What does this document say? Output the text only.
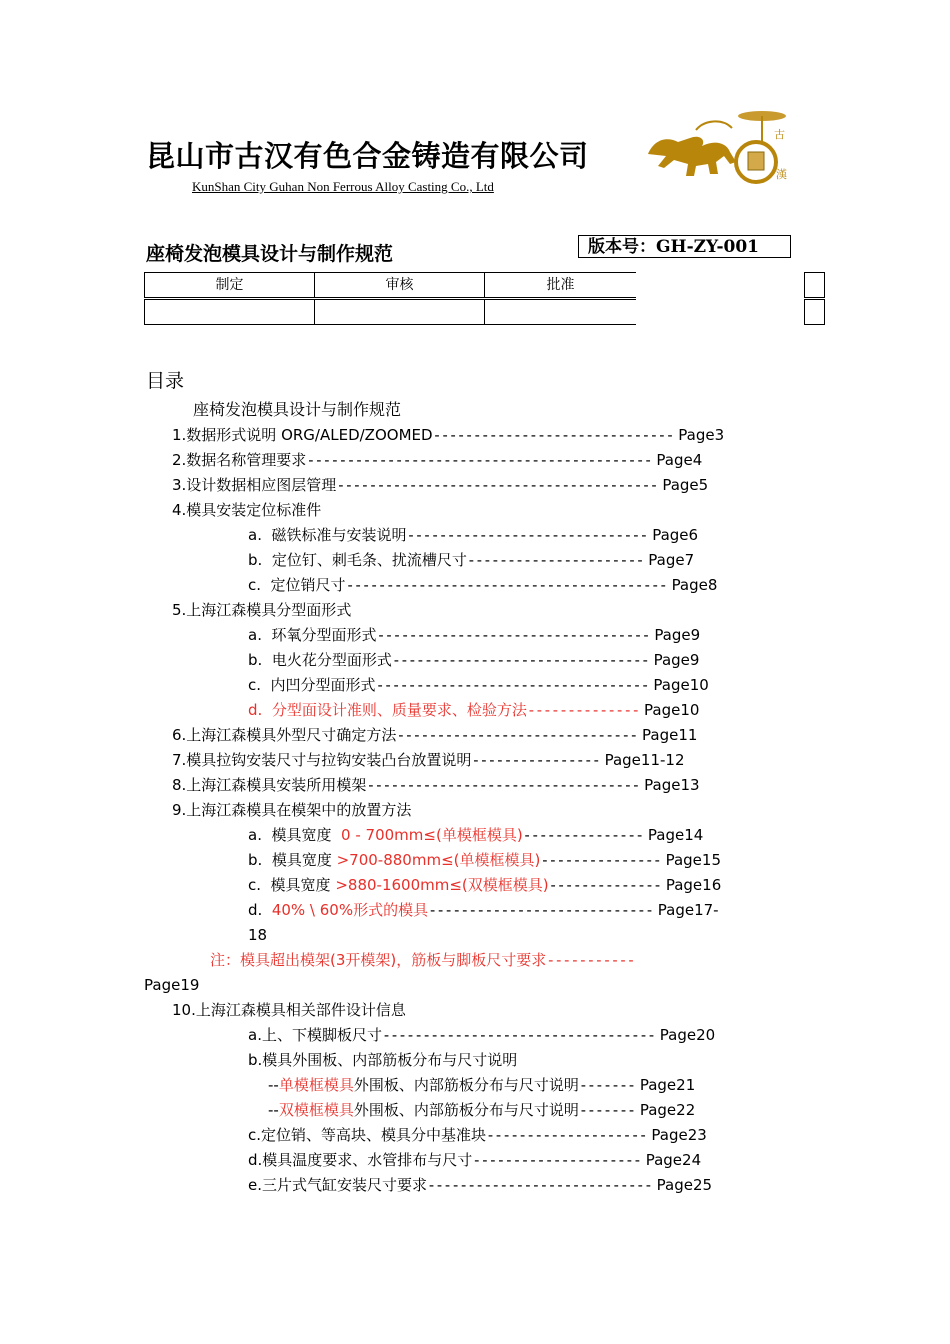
昆山市古汉有色合金铸造有限公司
KunShan City Guhan Non Ferrous Alloy Casting Co., Ltd
古
漢
座椅发泡模具设计与制作规范	版本号：GH-ZY-001
制定	审核	批准
目录
座椅发泡模具设计与制作规范
1.数据形式说明 ORG/ALED/ZOOMED------------------------------ Page3
2.数据名称管理要求------------------------------------------- Page4
3.设计数据相应图层管理---------------------------------------- Page5
4.模具安装定位标准件
a.  磁铁标准与安装说明------------------------------ Page6
b.  定位钉、刺毛条、扰流槽尺寸---------------------- Page7
c.  定位销尺寸---------------------------------------- Page8
5.上海江森模具分型面形式
a.  环氧分型面形式---------------------------------- Page9
b.  电火花分型面形式-------------------------------- Page9
c.  内凹分型面形式---------------------------------- Page10
d.  分型面设计准则、质量要求、检验方法-------------- Page10
6.上海江森模具外型尺寸确定方法------------------------------ Page11
7.模具拉钩安装尺寸与拉钩安装凸台放置说明---------------- Page11-12
8.上海江森模具安装所用模架---------------------------------- Page13
9.上海江森模具在模架中的放置方法
a.  模具宽度  0 - 700mm≤(单模框模具)--------------- Page14
b.  模具宽度 >700-880mm≤(单模框模具)--------------- Page15
c.  模具宽度 >880-1600mm≤(双模框模具)-------------- Page16
d.  40% \ 60%形式的模具---------------------------- Page17-
18
注：模具超出模架(3开模架)，筋板与脚板尺寸要求-----------
Page19
10.上海江森模具相关部件设计信息
a.上、下模脚板尺寸---------------------------------- Page20
b.模具外围板、内部筋板分布与尺寸说明
--单模框模具外围板、内部筋板分布与尺寸说明------- Page21
--双模框模具外围板、内部筋板分布与尺寸说明------- Page22
c.定位销、等高块、模具分中基准块-------------------- Page23
d.模具温度要求、水管排布与尺寸--------------------- Page24
e.三片式气缸安装尺寸要求---------------------------- Page25
